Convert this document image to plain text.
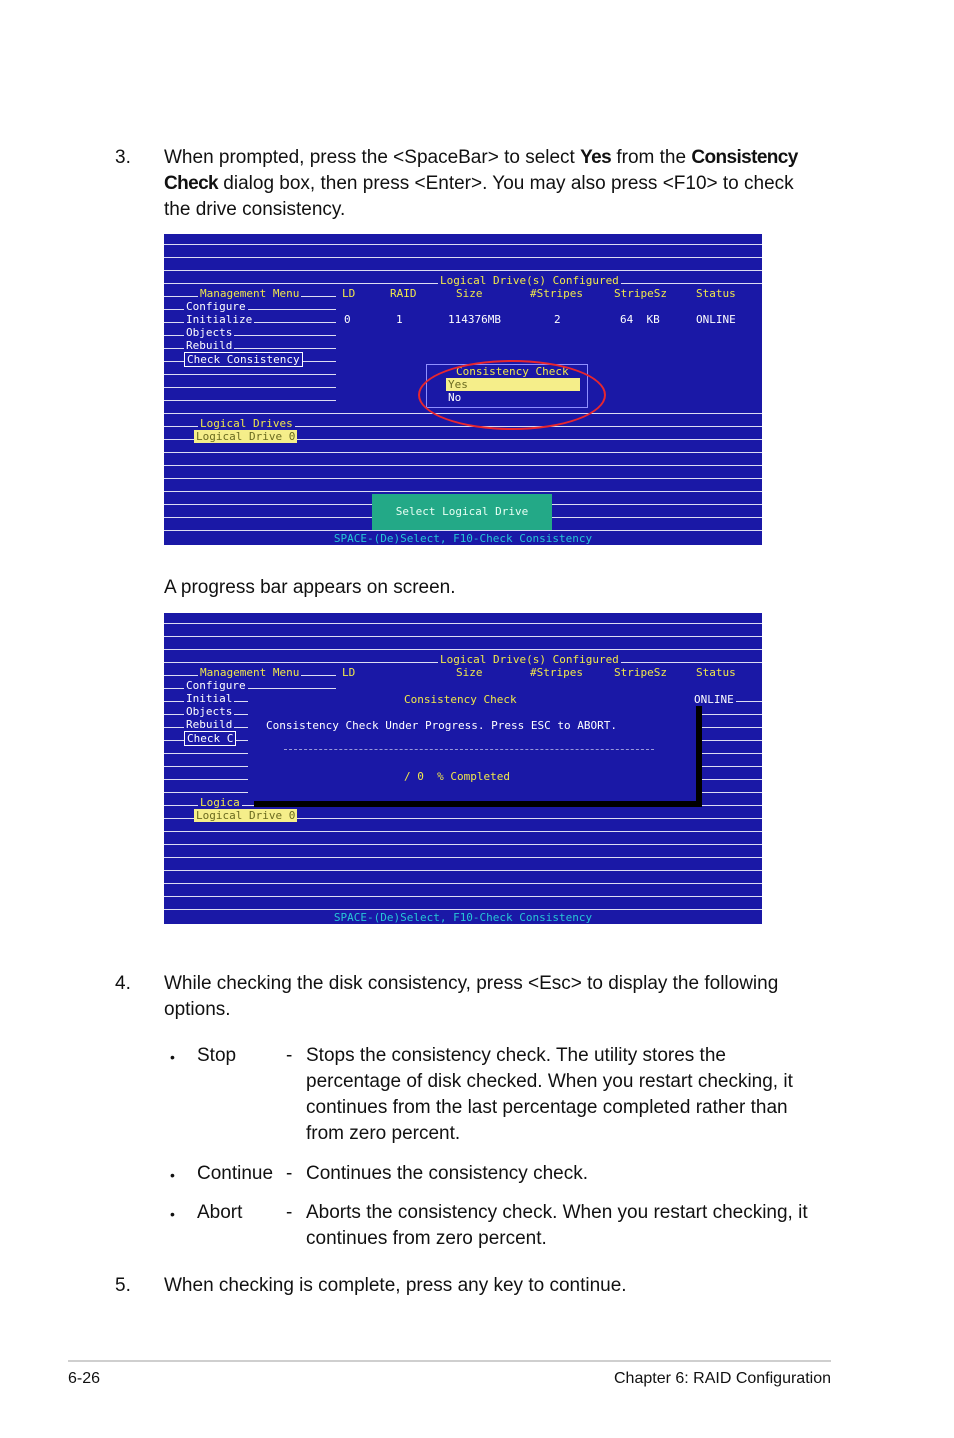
3. When prompted, press the <SpaceBar> to select Yes from the Consistency Check dialog box, then press <Enter>. You may also press <F10> to check the drive consistency.
Logical Drive(s) Configured
LD	RAID	Size	#Stripes	StripeSz	Status
0	1	114376MB	2	64  KB	ONLINE
Management Menu
Configure
Initialize
Objects
Rebuild
Check Consistency
Logical Drives
Logical Drive 0
Consistency Check
Yes
No
Select Logical Drive
SPACE-(De)Select, F10-Check Consistency
A progress bar appears on screen.
Logical Drive(s) Configured
LD	Size	#Stripes	StripeSz	Status
Management Menu
Configure
Initial
Objects
Rebuild
Check C
Consistency Check	ONLINE
Consistency Check Under Progress. Press ESC to ABORT.
/ 0  % Completed
Logica
Logical Drive 0
SPACE-(De)Select, F10-Check Consistency
4. While checking the disk consistency, press <Esc> to display the following options.
• Stop	- Stops the consistency check. The utility stores the percentage of disk checked. When you restart checking, it continues from the last percentage completed rather than from zero percent.
• Continue - Continues the consistency check.
• Abort - Aborts the consistency check. When you restart checking, it continues from zero percent.
5. When checking is complete, press any key to continue.
6-26	Chapter 6: RAID Configuration
